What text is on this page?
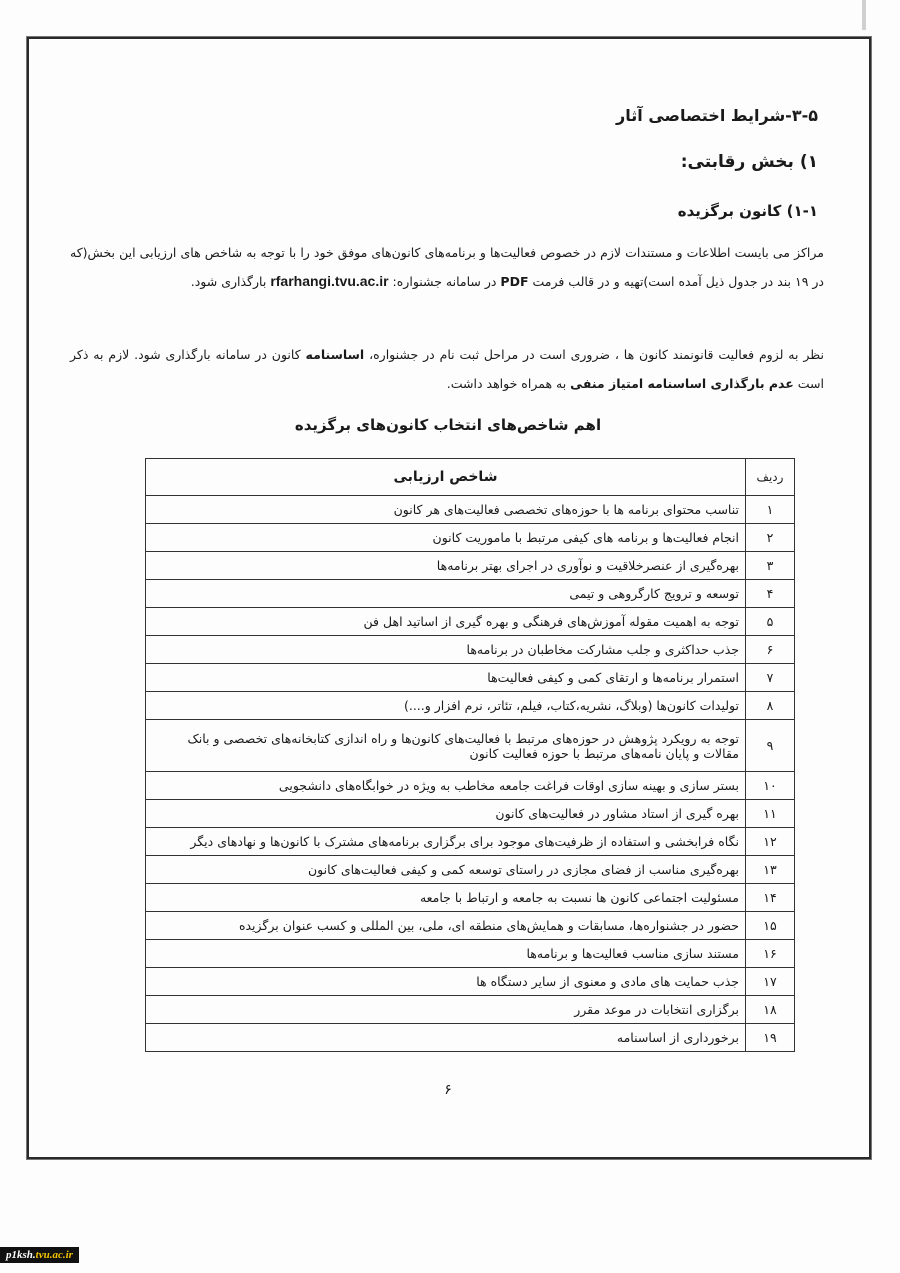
۳-۵-شرایط اختصاصی آثار
۱) بخش رقابتی:
۱-۱) کانون برگزیده
مراکز می بایست اطلاعات و مستندات لازم در خصوص فعالیت‌ها و برنامه‌های کانون‌های موفق خود را با توجه به شاخص های ارزیابی این بخش(که در ۱۹ بند در جدول ذیل آمده است)تهیه و در قالب فرمت PDF در سامانه جشنواره: rfarhangi.tvu.ac.ir بارگذاری شود.
نظر به لزوم فعالیت قانونمند کانون ها ، ضروری است در مراحل ثبت نام در جشنواره، اساسنامه کانون در سامانه بارگذاری شود. لازم به ذکر است عدم بارگذاری اساسنامه امتیاز منفی به همراه خواهد داشت.
اهم شاخص‌های انتخاب کانون‌های برگزیده
ردیف	شاخص ارزیابی
۱	تناسب محتوای برنامه ها با حوزه‌های تخصصی فعالیت‌های هر کانون
۲	انجام فعالیت‌ها و برنامه های کیفی مرتبط با ماموریت کانون
۳	بهره‌گیری از عنصرخلاقیت و نوآوری در اجرای بهتر برنامه‌ها
۴	توسعه و ترویج کارگروهی و تیمی
۵	توجه به اهمیت مقوله آموزش‌های فرهنگی و بهره گیری از اساتید اهل فن
۶	جذب حداکثری و جلب مشارکت مخاطبان در برنامه‌ها
۷	استمرار برنامه‌ها و ارتقای کمی و کیفی فعالیت‌ها
۸	تولیدات کانون‌ها (وبلاگ، نشریه،کتاب، فیلم، تئاتر، نرم افزار و....)
۹	توجه به رویکرد پژوهش در حوزه‌های مرتبط با فعالیت‌های کانون‌ها و راه اندازی کتابخانه‌های تخصصی و بانک مقالات و پایان نامه‌های مرتبط با حوزه فعالیت کانون
۱۰	بستر سازی و بهینه سازی اوقات فراغت جامعه مخاطب به ویژه در خوابگاه‌های دانشجویی
۱۱	بهره گیری از استاد مشاور در فعالیت‌های کانون
۱۲	نگاه فرابخشی و استفاده از ظرفیت‌های موجود برای برگزاری برنامه‌های مشترک با کانون‌ها و نهادهای دیگر
۱۳	بهره‌گیری مناسب از فضای مجازی در راستای توسعه کمی و کیفی فعالیت‌های کانون
۱۴	مسئولیت اجتماعی کانون ها نسبت به جامعه و ارتباط با جامعه
۱۵	حضور در جشنواره‌ها، مسابقات و همایش‌های منطقه ای، ملی، بین المللی و کسب عنوان برگزیده
۱۶	مستند سازی مناسب فعالیت‌ها و برنامه‌ها
۱۷	جذب حمایت های مادی و معنوی از سایر دستگاه ها
۱۸	برگزاری انتخابات در موعد مقرر
۱۹	برخورداری از اساسنامه
۶
p1ksh.tvu.ac.ir
